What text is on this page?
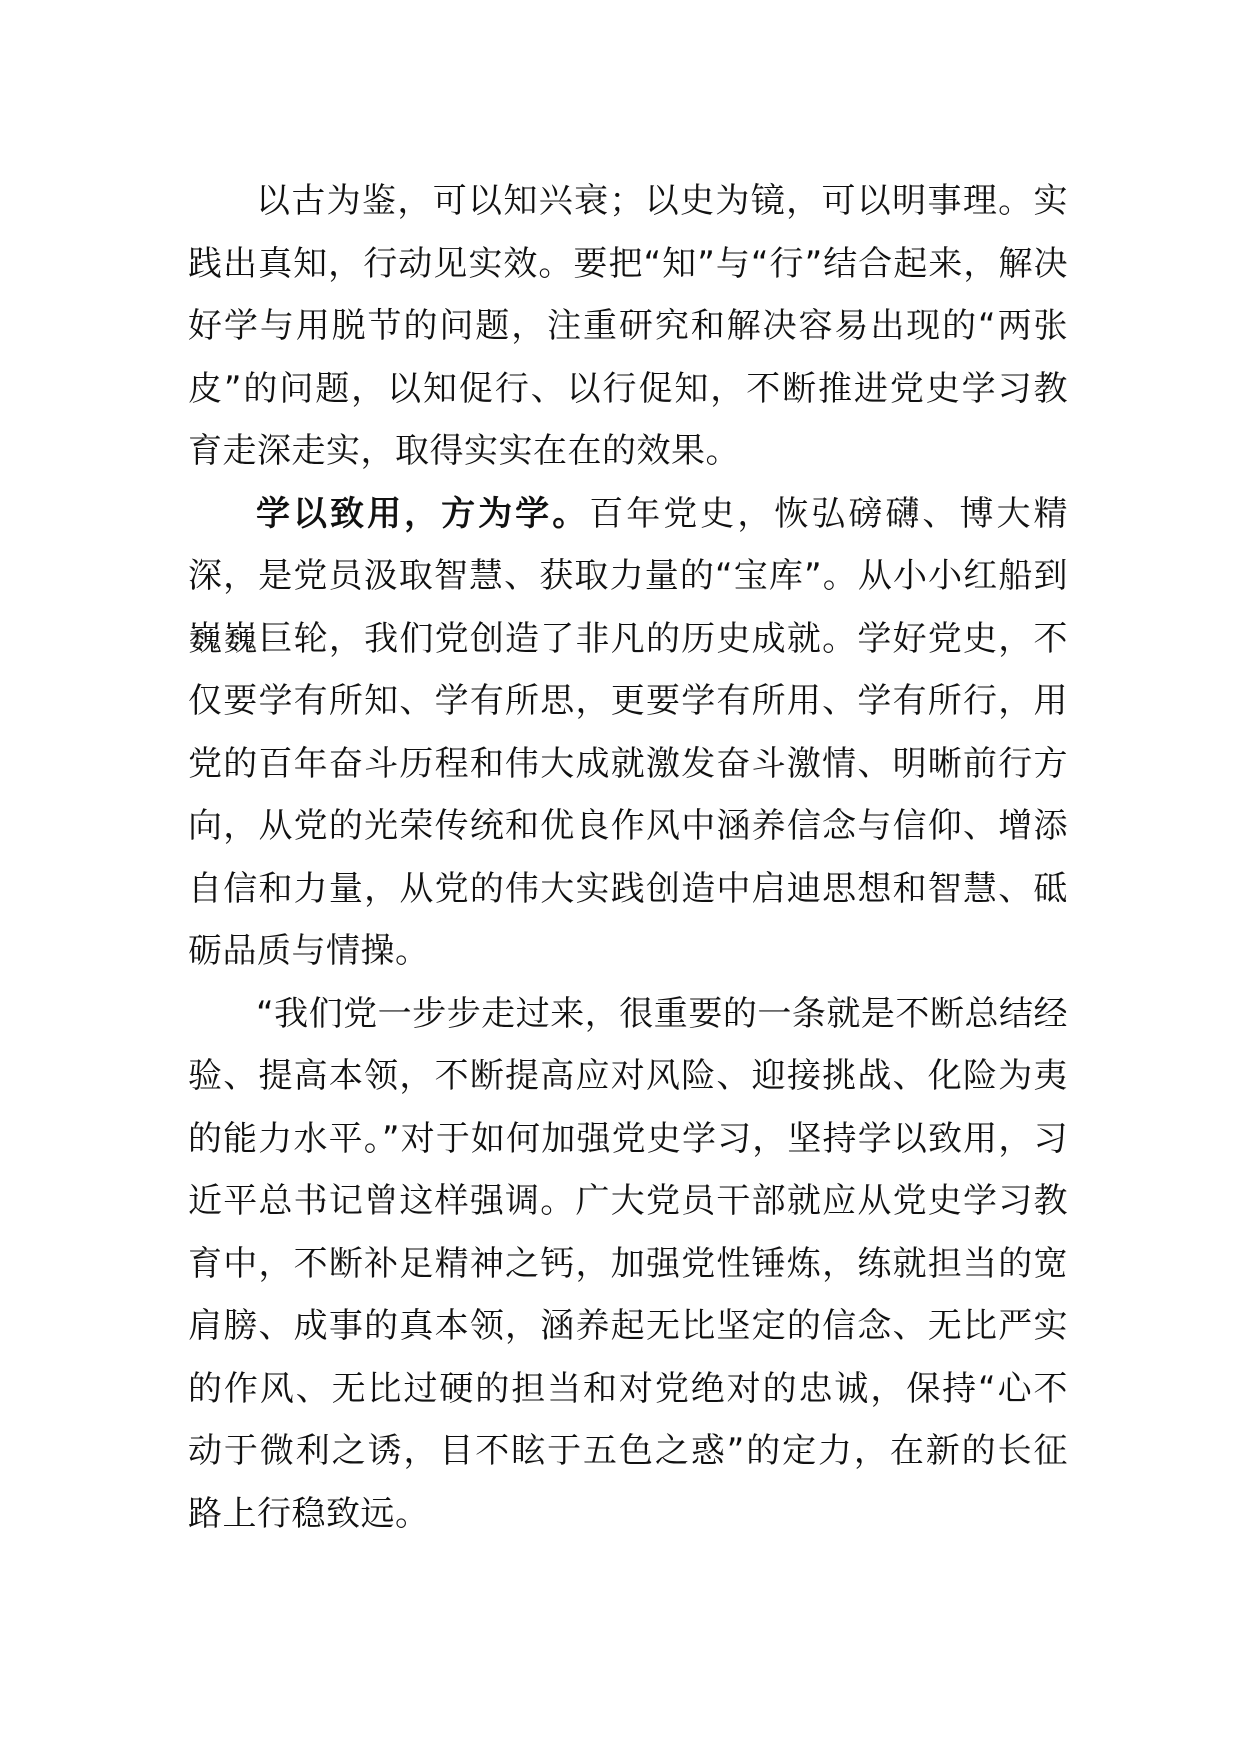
以古为鉴，可以知兴衰；以史为镜，可以明事理。实践出真知，行动见实效。要把“知”与“行”结合起来，解决好学与用脱节的问题，注重研究和解决容易出现的“两张皮”的问题，以知促行、以行促知，不断推进党史学习教育走深走实，取得实实在在的效果。

学以致用，方为学。百年党史，恢弘磅礴、博大精深，是党员汲取智慧、获取力量的“宝库”。从小小红船到巍巍巨轮，我们党创造了非凡的历史成就。学好党史，不仅要学有所知、学有所思，更要学有所用、学有所行，用党的百年奋斗历程和伟大成就激发奋斗激情、明晰前行方向，从党的光荣传统和优良作风中涵养信念与信仰、增添自信和力量，从党的伟大实践创造中启迪思想和智慧、砥砺品质与情操。

“我们党一步步走过来，很重要的一条就是不断总结经验、提高本领，不断提高应对风险、迎接挑战、化险为夷的能力水平。”对于如何加强党史学习，坚持学以致用，习近平总书记曾这样强调。广大党员干部就应从党史学习教育中，不断补足精神之钙，加强党性锤炼，练就担当的宽肩膀、成事的真本领，涵养起无比坚定的信念、无比严实的作风、无比过硬的担当和对党绝对的忠诚，保持“心不动于微利之诱，目不眩于五色之惑”的定力，在新的长征路上行稳致远。
